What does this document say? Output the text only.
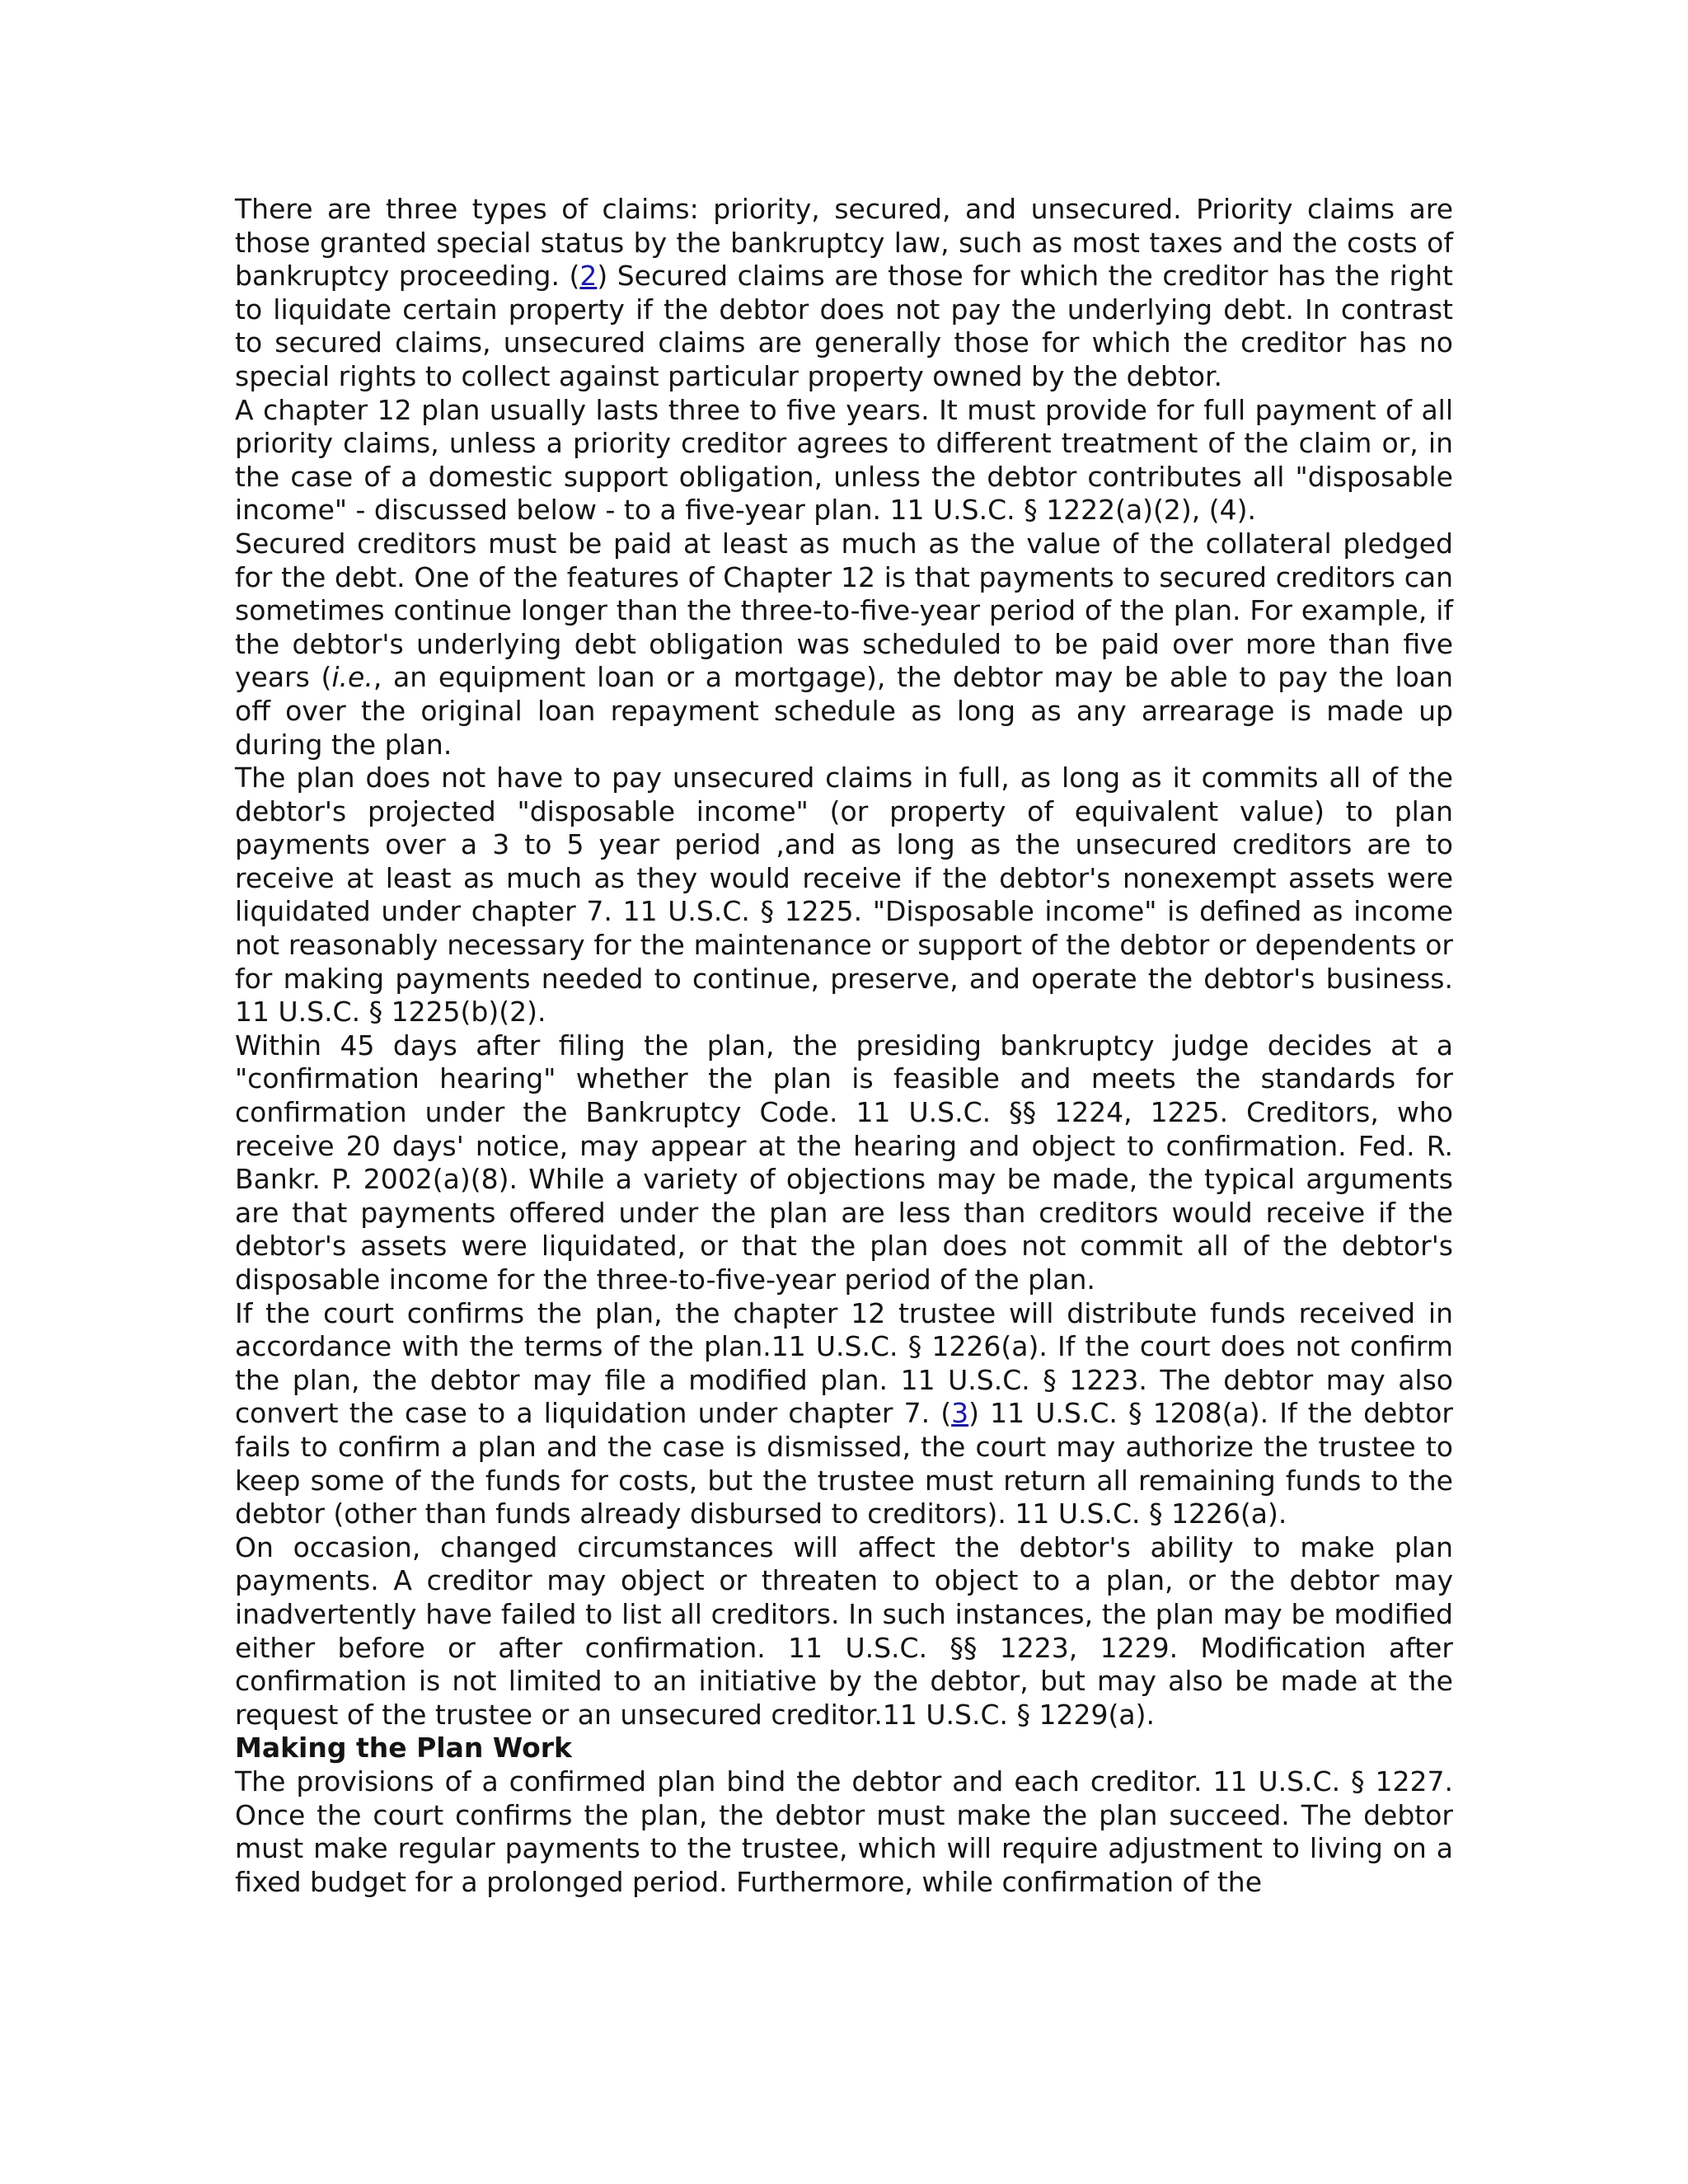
There are three types of claims: priority, secured, and unsecured. Priority claims are those granted special status by the bankruptcy law, such as most taxes and the costs of bankruptcy proceeding. (2) Secured claims are those for which the creditor has the right to liquidate certain property if the debtor does not pay the underlying debt. In contrast to secured claims, unsecured claims are generally those for which the creditor has no special rights to collect against particular property owned by the debtor.

A chapter 12 plan usually lasts three to five years. It must provide for full payment of all priority claims, unless a priority creditor agrees to different treatment of the claim or, in the case of a domestic support obligation, unless the debtor contributes all "disposable income" - discussed below - to a five-year plan. 11 U.S.C. § 1222(a)(2), (4).

Secured creditors must be paid at least as much as the value of the collateral pledged for the debt. One of the features of Chapter 12 is that payments to secured creditors can sometimes continue longer than the three-to-five-year period of the plan. For example, if the debtor's underlying debt obligation was scheduled to be paid over more than five years (i.e., an equipment loan or a mortgage), the debtor may be able to pay the loan off over the original loan repayment schedule as long as any arrearage is made up during the plan.

The plan does not have to pay unsecured claims in full, as long as it commits all of the debtor's projected "disposable income" (or property of equivalent value) to plan payments over a 3 to 5 year period ,and as long as the unsecured creditors are to receive at least as much as they would receive if the debtor's nonexempt assets were liquidated under chapter 7. 11 U.S.C. § 1225. "Disposable income" is defined as income not reasonably necessary for the maintenance or support of the debtor or dependents or for making payments needed to continue, preserve, and operate the debtor's business. 11 U.S.C. § 1225(b)(2).

Within 45 days after filing the plan, the presiding bankruptcy judge decides at a "confirmation hearing" whether the plan is feasible and meets the standards for confirmation under the Bankruptcy Code. 11 U.S.C. §§ 1224, 1225. Creditors, who receive 20 days' notice, may appear at the hearing and object to confirmation. Fed. R. Bankr. P. 2002(a)(8). While a variety of objections may be made, the typical arguments are that payments offered under the plan are less than creditors would receive if the debtor's assets were liquidated, or that the plan does not commit all of the debtor's disposable income for the three-to-five-year period of the plan.

If the court confirms the plan, the chapter 12 trustee will distribute funds received in accordance with the terms of the plan.11 U.S.C. § 1226(a). If the court does not confirm the plan, the debtor may file a modified plan. 11 U.S.C. § 1223. The debtor may also convert the case to a liquidation under chapter 7. (3) 11 U.S.C. § 1208(a). If the debtor fails to confirm a plan and the case is dismissed, the court may authorize the trustee to keep some of the funds for costs, but the trustee must return all remaining funds to the debtor (other than funds already disbursed to creditors). 11 U.S.C. § 1226(a).

On occasion, changed circumstances will affect the debtor's ability to make plan payments. A creditor may object or threaten to object to a plan, or the debtor may inadvertently have failed to list all creditors. In such instances, the plan may be modified either before or after confirmation. 11 U.S.C. §§ 1223, 1229. Modification after confirmation is not limited to an initiative by the debtor, but may also be made at the request of the trustee or an unsecured creditor.11 U.S.C. § 1229(a).

Making the Plan Work

The provisions of a confirmed plan bind the debtor and each creditor. 11 U.S.C. § 1227. Once the court confirms the plan, the debtor must make the plan succeed. The debtor must make regular payments to the trustee, which will require adjustment to living on a fixed budget for a prolonged period. Furthermore, while confirmation of the
